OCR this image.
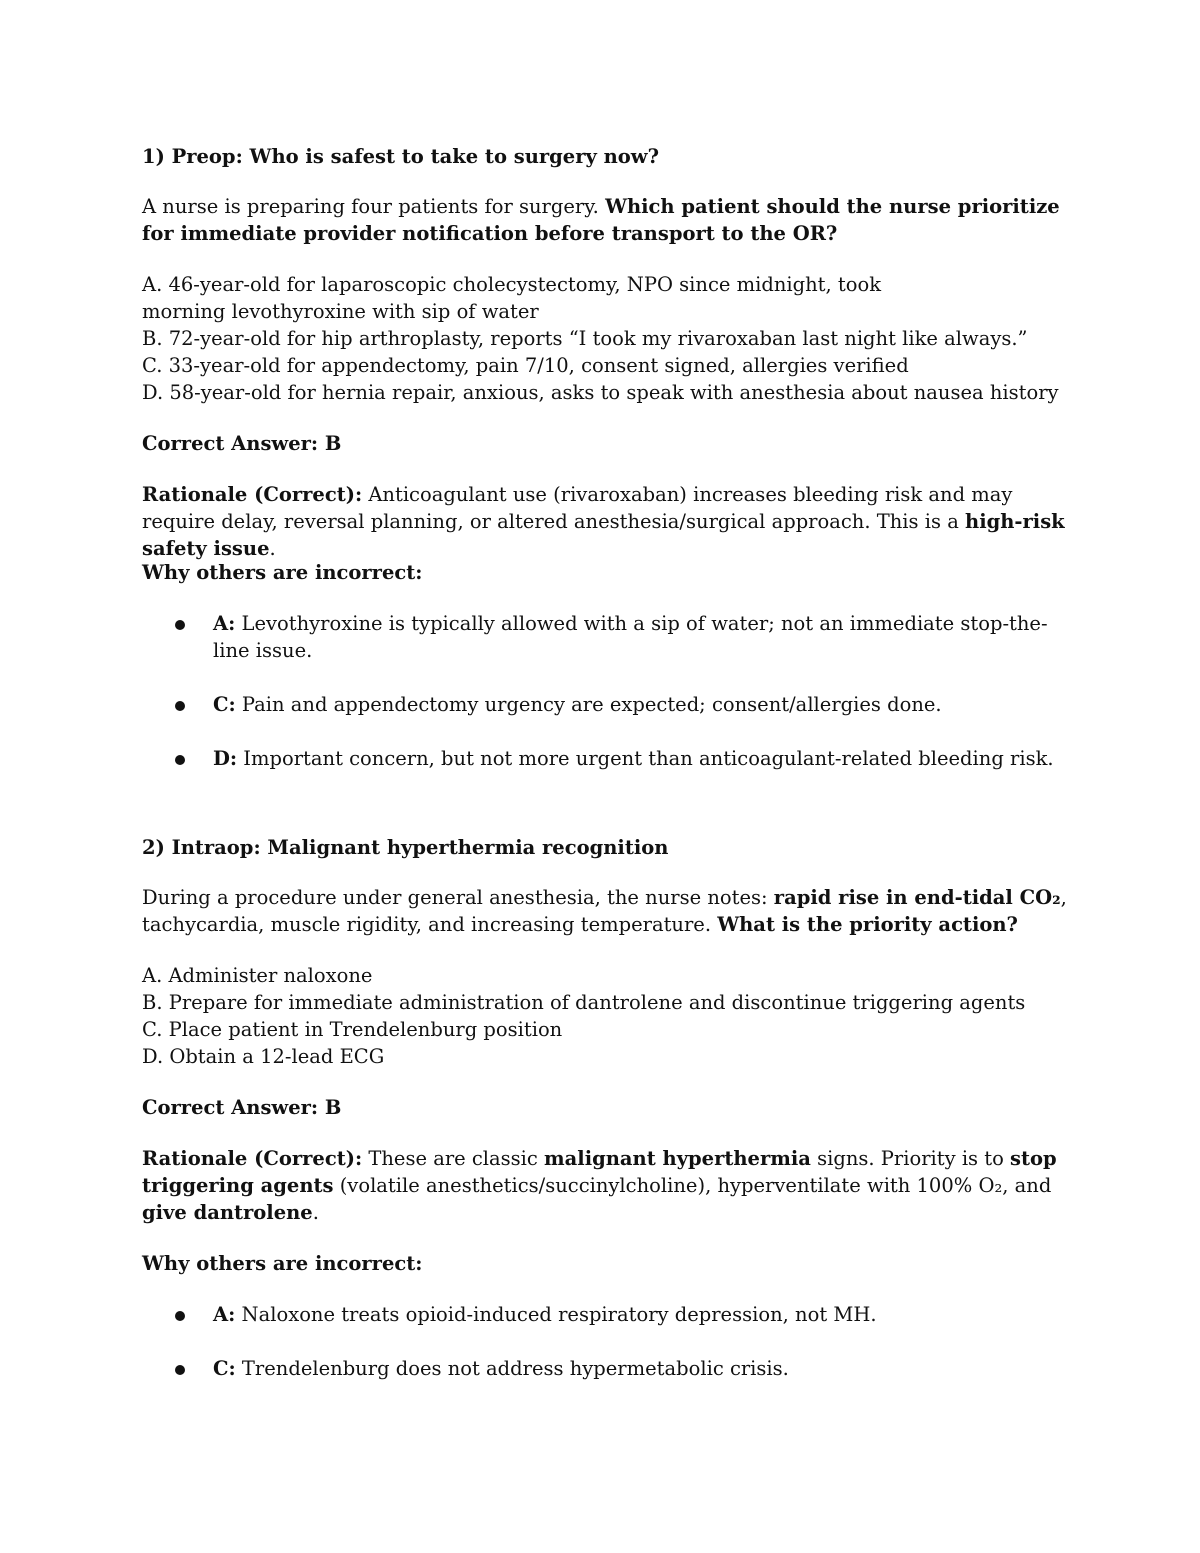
1) Preop: Who is safest to take to surgery now?

A nurse is preparing four patients for surgery. Which patient should the nurse prioritize for immediate provider notification before transport to the OR?

A. 46-year-old for laparoscopic cholecystectomy, NPO since midnight, took morning levothyroxine with sip of water
B. 72-year-old for hip arthroplasty, reports “I took my rivaroxaban last night like always.”
C. 33-year-old for appendectomy, pain 7/10, consent signed, allergies verified
D. 58-year-old for hernia repair, anxious, asks to speak with anesthesia about nausea history

Correct Answer: B

Rationale (Correct): Anticoagulant use (rivaroxaban) increases bleeding risk and may require delay, reversal planning, or altered anesthesia/surgical approach. This is a high-risk safety issue.

Why others are incorrect:

A: Levothyroxine is typically allowed with a sip of water; not an immediate stop-the-line issue.
C: Pain and appendectomy urgency are expected; consent/allergies done.
D: Important concern, but not more urgent than anticoagulant-related bleeding risk.

2) Intraop: Malignant hyperthermia recognition

During a procedure under general anesthesia, the nurse notes: rapid rise in end-tidal CO₂, tachycardia, muscle rigidity, and increasing temperature. What is the priority action?

A. Administer naloxone
B. Prepare for immediate administration of dantrolene and discontinue triggering agents
C. Place patient in Trendelenburg position
D. Obtain a 12-lead ECG

Correct Answer: B

Rationale (Correct): These are classic malignant hyperthermia signs. Priority is to stop triggering agents (volatile anesthetics/succinylcholine), hyperventilate with 100% O₂, and give dantrolene.

Why others are incorrect:

A: Naloxone treats opioid-induced respiratory depression, not MH.
C: Trendelenburg does not address hypermetabolic crisis.
